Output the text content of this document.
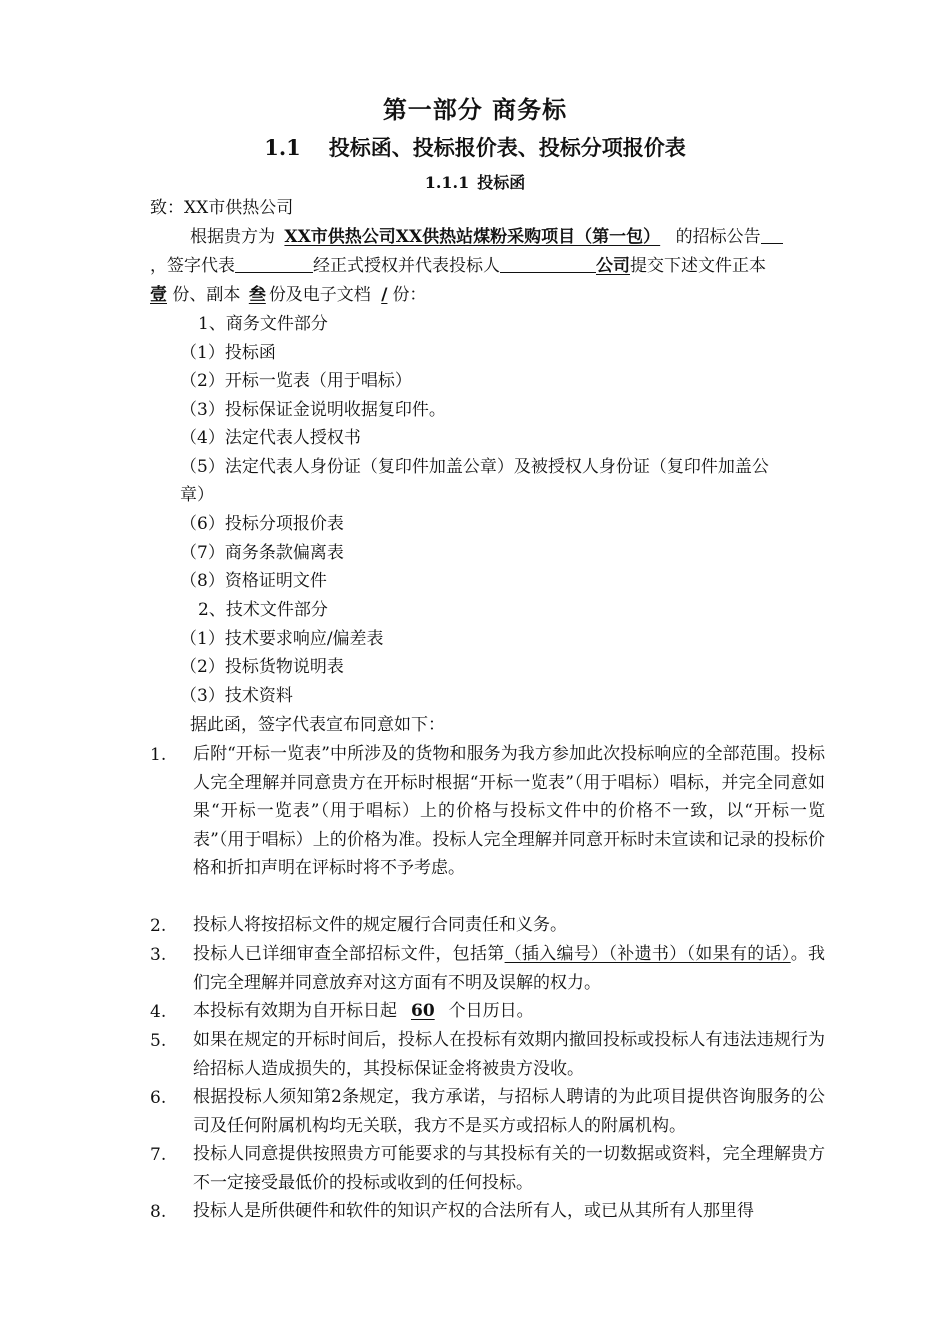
第一部分 商务标
1.1 投标函、投标报价表、投标分项报价表
1.1.1 投标函
致：XX市供热公司
根据贵方为 XX市供热公司XX供热站煤粉采购项目（第一包） 的招标公告
，签字代表	经正式授权并代表投标人	公司提交下述文件正本
壹 份、副本 叁 份及电子文档 / 份：
1、商务文件部分
（1）投标函
（2）开标一览表（用于唱标）
（3）投标保证金说明收据复印件。
（4）法定代表人授权书
（5）法定代表人身份证（复印件加盖公章）及被授权人身份证（复印件加盖公
章）
（6）投标分项报价表
（7）商务条款偏离表
（8）资格证明文件
2、技术文件部分
（1）技术要求响应/偏差表
（2）投标货物说明表
（3）技术资料
据此函，签字代表宣布同意如下：
1. 后附“开标一览表”中所涉及的货物和服务为我方参加此次投标响应的全部范围。投标人完全理解并同意贵方在开标时根据“开标一览表”（用于唱标）唱标，并完全同意如果“开标一览表”（用于唱标）上的价格与投标文件中的价格不一致，以“开标一览表”（用于唱标）上的价格为准。投标人完全理解并同意开标时未宣读和记录的投标价格和折扣声明在评标时将不予考虑。
2. 投标人将按招标文件的规定履行合同责任和义务。
3. 投标人已详细审查全部招标文件，包括第（插入编号）（补遗书）（如果有的话）。我们完全理解并同意放弃对这方面有不明及误解的权力。
4. 本投标有效期为自开标日起 60 个日历日。
5. 如果在规定的开标时间后，投标人在投标有效期内撤回投标或投标人有违法违规行为给招标人造成损失的，其投标保证金将被贵方没收。
6. 根据投标人须知第2条规定，我方承诺，与招标人聘请的为此项目提供咨询服务的公司及任何附属机构均无关联，我方不是买方或招标人的附属机构。
7. 投标人同意提供按照贵方可能要求的与其投标有关的一切数据或资料，完全理解贵方不一定接受最低价的投标或收到的任何投标。
8. 投标人是所供硬件和软件的知识产权的合法所有人，或已从其所有人那里得
